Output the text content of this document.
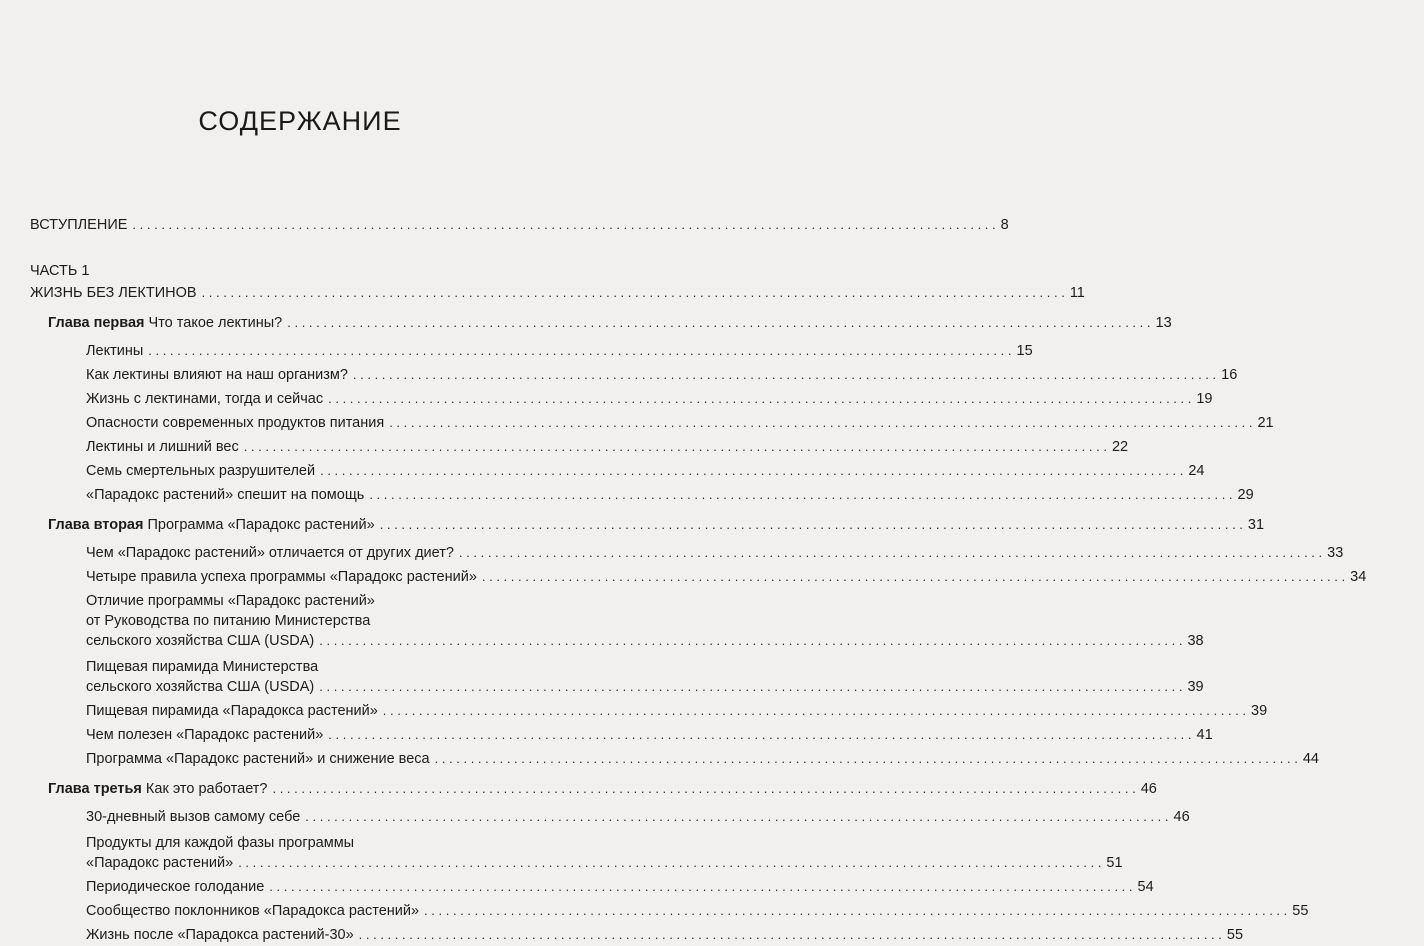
СОДЕРЖАНИЕ
ВСТУПЛЕНИЕ . . .	8
ЧАСТЬ 1
ЖИЗНЬ БЕЗ ЛЕКТИНОВ . . .	11
Глава первая Что такое лектины? . . .	13
Лектины . . .	15
Как лектины влияют на наш организм? . . .	16
Жизнь с лектинами, тогда и сейчас . . .	19
Опасности современных продуктов питания . . .	21
Лектины и лишний вес . . .	22
Семь смертельных разрушителей . . .	24
«Парадокс растений» спешит на помощь . . .	29
Глава вторая Программа «Парадокс растений» . . .	31
Чем «Парадокс растений» отличается от других диет? . . .	33
Четыре правила успеха программы «Парадокс растений» . . .	34
Отличие программы «Парадокс растений»
от Руководства по питанию Министерства
сельского хозяйства США (USDA) . . .	38
Пищевая пирамида Министерства
сельского хозяйства США (USDA) . . .	39
Пищевая пирамида «Парадокса растений» . . .	39
Чем полезен «Парадокс растений» . . .	41
Программа «Парадокс растений» и снижение веса . . .	44
Глава третья Как это работает? . . .	46
30-дневный вызов самому себе . . .	46
Продукты для каждой фазы программы
«Парадокс растений» . . .	51
Периодическое голодание . . .	54
Сообщество поклонников «Парадокса растений» . . .	55
Жизнь после «Парадокса растений-30» . . .	55
